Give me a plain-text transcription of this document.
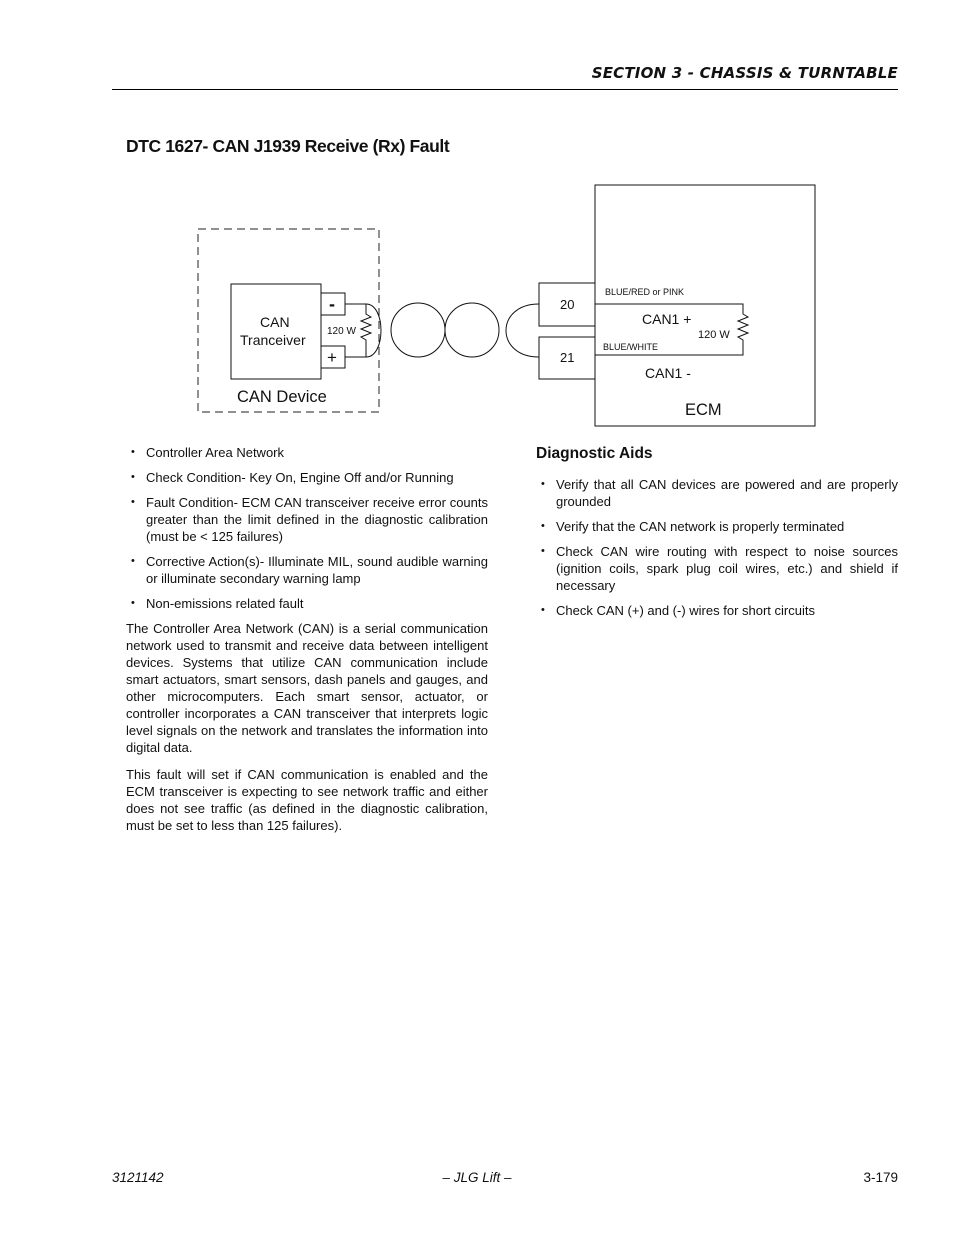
SECTION 3 - CHASSIS & TURNTABLE
DTC 1627- CAN J1939 Receive (Rx) Fault
CAN Device
CAN
Tranceiver
-
+
120 W
20
21
BLUE/RED or PINK
BLUE/WHITE
CAN1 +
120 W
CAN1 -
ECM
• Controller Area Network
• Check Condition- Key On, Engine Off and/or Running
• Fault Condition- ECM CAN transceiver receive error counts greater than the limit defined in the diagnostic calibration (must be < 125 failures)
• Corrective Action(s)- Illuminate MIL, sound audible warning or illuminate secondary warning lamp
• Non-emissions related fault

The Controller Area Network (CAN) is a serial communication network used to transmit and receive data between intelligent devices. Systems that utilize CAN communication include smart actuators, smart sensors, dash panels and gauges, and other microcomputers. Each smart sensor, actuator, or controller incorporates a CAN transceiver that interprets logic level signals on the network and translates the information into digital data.

This fault will set if CAN communication is enabled and the ECM transceiver is expecting to see network traffic and either does not see traffic (as defined in the diagnostic calibration, must be set to less than 125 failures).

Diagnostic Aids
• Verify that all CAN devices are powered and are properly grounded
• Verify that the CAN network is properly terminated
• Check CAN wire routing with respect to noise sources (ignition coils, spark plug coil wires, etc.) and shield if necessary
• Check CAN (+) and (-) wires for short circuits
3121142	– JLG Lift –	3-179
